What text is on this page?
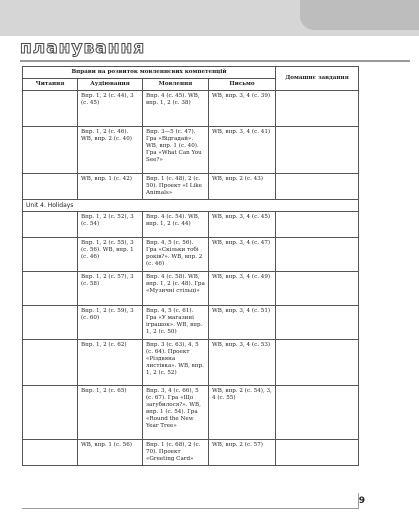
планування
Вправи на розвиток мовленнєвих компетенцій				Домашнє завдання
Читання	Аудіювання	Мовлення	Письмо	
	Впр. 1, 2 (с. 44), 3 (с. 45)	Впр. 4 (с. 45). WB, впр. 1, 2 (с. 38)	WB, впр. 3, 4 (с. 39)	
	Впр. 1, 2 (с. 46). WB, впр. 2 (с. 40)	Впр. 3—5 (с. 47). Гра «Відгадай». WB, впр. 1 (с. 40). Гра «What Can You See?»	WB, впр. 3, 4 (с. 41)	
	WB, впр. 1 (с. 42)	Впр. 1 (с. 48), 2 (с. 50). Проект «I Like Animals»	WB, впр. 2 (с. 43)	
Unit 4. Holidays				
	Впр. 1, 2 (с. 52), 3 (с. 54)	Впр. 4 (с. 54). WB, впр. 1, 2 (с. 44)	WB, впр. 3, 4 (с. 45)	
	Впр. 1, 2 (с. 55), 3 (с. 56). WB, впр. 1 (с. 46)	Впр. 4, 5 (с. 56). Гра «Скільки тобі років?». WB, впр. 2 (с. 46)	WB, впр. 3, 4 (с. 47)	
	Впр. 1, 2 (с. 57), 3 (с. 58)	Впр. 4 (с. 58). WB, впр. 1, 2 (с. 48). Гра «Музичні стільці»	WB, впр. 3, 4 (с. 49)	
	Впр. 1, 2 (с. 59), 3 (с. 60)	Впр. 4, 5 (с. 61). Гра «У магазині іграшок». WB, впр. 1, 2 (с. 50)	WB, впр. 3, 4 (с. 51)	
	Впр. 1, 2 (с. 62)	Впр. 3 (с. 63), 4, 5 (с. 64). Проект «Різдвяна листівка». WB, впр. 1, 2 (с. 52)	WB, впр. 3, 4 (с. 53)	
	Впр. 1, 2 (с. 65)	Впр. 3, 4 (с. 66), 5 (с. 67). Гра «Що загубилося?». WB, впр. 1 (с. 54). Гра «Round the New Year Tree»	WB, впр. 2 (с. 54), 3, 4 (с. 55)	
	WB, впр. 1 (с. 56)	Впр. 1 (с. 68), 2 (с. 70). Проект «Greeting Card»	WB, впр. 2 (с. 57)	
9
